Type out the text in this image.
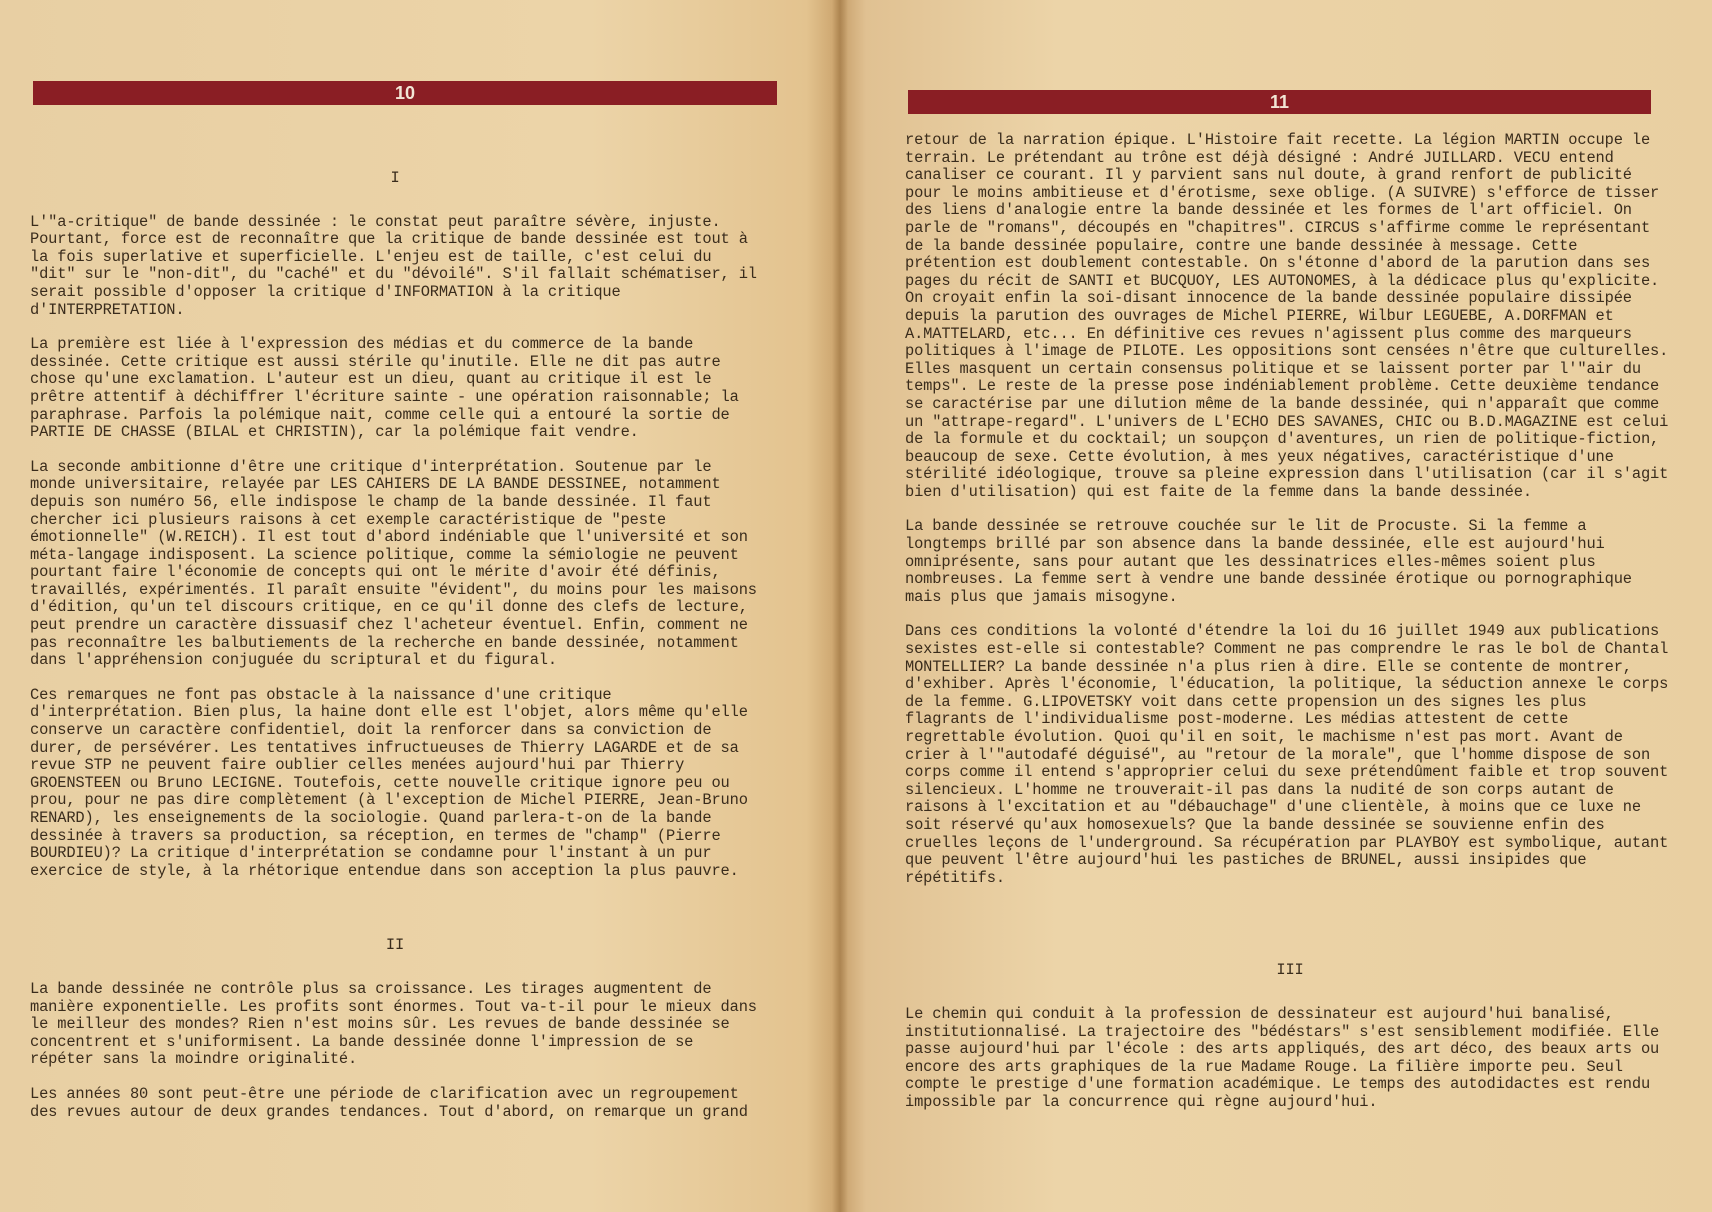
10
I

L'"a-critique" de bande dessinée : le constat peut paraître sévère, injuste. Pourtant, force est de reconnaître que la critique de bande dessinée est tout à la fois superlative et superficielle. L'enjeu est de taille, c'est celui du "dit" sur le "non-dit", du "caché" et du "dévoilé". S'il fallait schématiser, il serait possible d'opposer la critique d'INFORMATION à la critique d'INTERPRETATION.

La première est liée à l'expression des médias et du commerce de la bande dessinée. Cette critique est aussi stérile qu'inutile. Elle ne dit pas autre chose qu'une exclamation. L'auteur est un dieu, quant au critique il est le prêtre attentif à déchiffrer l'écriture sainte - une opération raisonnable; la paraphrase. Parfois la polémique nait, comme celle qui a entouré la sortie de PARTIE DE CHASSE (BILAL et CHRISTIN), car la polémique fait vendre.

La seconde ambitionne d'être une critique d'interprétation. Soutenue par le monde universitaire, relayée par LES CAHIERS DE LA BANDE DESSINEE, notamment depuis son numéro 56, elle indispose le champ de la bande dessinée. Il faut chercher ici plusieurs raisons à cet exemple caractéristique de "peste émotionnelle" (W.REICH). Il est tout d'abord indéniable que l'université et son méta-langage indisposent. La science politique, comme la sémiologie ne peuvent pourtant faire l'économie de concepts qui ont le mérite d'avoir été définis, travaillés, expérimentés. Il paraît ensuite "évident", du moins pour les maisons d'édition, qu'un tel discours critique, en ce qu'il donne des clefs de lecture, peut prendre un caractère dissuasif chez l'acheteur éventuel. Enfin, comment ne pas reconnaître les balbutiements de la recherche en bande dessinée, notamment dans l'appréhension conjuguée du scriptural et du figural.

Ces remarques ne font pas obstacle à la naissance d'une critique d'interprétation. Bien plus, la haine dont elle est l'objet, alors même qu'elle conserve un caractère confidentiel, doit la renforcer dans sa conviction de durer, de persévérer. Les tentatives infructueuses de Thierry LAGARDE et de sa revue STP ne peuvent faire oublier celles menées aujourd'hui par Thierry GROENSTEEN ou Bruno LECIGNE. Toutefois, cette nouvelle critique ignore peu ou prou, pour ne pas dire complètement (à l'exception de Michel PIERRE, Jean-Bruno RENARD), les enseignements de la sociologie. Quand parlera-t-on de la bande dessinée à travers sa production, sa réception, en termes de "champ" (Pierre BOURDIEU)? La critique d'interprétation se condamne pour l'instant à un pur exercice de style, à la rhétorique entendue dans son acception la plus pauvre.

II

La bande dessinée ne contrôle plus sa croissance. Les tirages augmentent de manière exponentielle. Les profits sont énormes. Tout va-t-il pour le mieux dans le meilleur des mondes? Rien n'est moins sûr. Les revues de bande dessinée se concentrent et s'uniformisent. La bande dessinée donne l'impression de se répéter sans la moindre originalité.

Les années 80 sont peut-être une période de clarification avec un regroupement des revues autour de deux grandes tendances. Tout d'abord, on remarque un grand

11

retour de la narration épique. L'Histoire fait recette. La légion MARTIN occupe le terrain. Le prétendant au trône est déjà désigné : André JUILLARD. VECU entend canaliser ce courant. Il y parvient sans nul doute, à grand renfort de publicité pour le moins ambitieuse et d'érotisme, sexe oblige. (A SUIVRE) s'efforce de tisser des liens d'analogie entre la bande dessinée et les formes de l'art officiel. On parle de "romans", découpés en "chapitres". CIRCUS s'affirme comme le représentant de la bande dessinée populaire, contre une bande dessinée à message. Cette prétention est doublement contestable. On s'étonne d'abord de la parution dans ses pages du récit de SANTI et BUCQUOY, LES AUTONOMES, à la dédicace plus qu'explicite. On croyait enfin la soi-disant innocence de la bande dessinée populaire dissipée depuis la parution des ouvrages de Michel PIERRE, Wilbur LEGUEBE, A.DORFMAN et A.MATTELARD, etc... En définitive ces revues n'agissent plus comme des marqueurs politiques à l'image de PILOTE. Les oppositions sont censées n'être que culturelles. Elles masquent un certain consensus politique et se laissent porter par l'"air du temps". Le reste de la presse pose indéniablement problème. Cette deuxième tendance se caractérise par une dilution même de la bande dessinée, qui n'apparaît que comme un "attrape-regard". L'univers de L'ECHO DES SAVANES, CHIC ou B.D.MAGAZINE est celui de la formule et du cocktail; un soupçon d'aventures, un rien de politique-fiction, beaucoup de sexe. Cette évolution, à mes yeux négatives, caractéristique d'une stérilité idéologique, trouve sa pleine expression dans l'utilisation (car il s'agit bien d'utilisation) qui est faite de la femme dans la bande dessinée.

La bande dessinée se retrouve couchée sur le lit de Procuste. Si la femme a longtemps brillé par son absence dans la bande dessinée, elle est aujourd'hui omniprésente, sans pour autant que les dessinatrices elles-mêmes soient plus nombreuses. La femme sert à vendre une bande dessinée érotique ou pornographique mais plus que jamais misogyne.

Dans ces conditions la volonté d'étendre la loi du 16 juillet 1949 aux publications sexistes est-elle si contestable? Comment ne pas comprendre le ras le bol de Chantal MONTELLIER? La bande dessinée n'a plus rien à dire. Elle se contente de montrer, d'exhiber. Après l'économie, l'éducation, la politique, la séduction annexe le corps de la femme. G.LIPOVETSKY voit dans cette propension un des signes les plus flagrants de l'individualisme post-moderne. Les médias attestent de cette regrettable évolution. Quoi qu'il en soit, le machisme n'est pas mort. Avant de crier à l'"autodafé déguisé", au "retour de la morale", que l'homme dispose de son corps comme il entend s'approprier celui du sexe prétendûment faible et trop souvent silencieux. L'homme ne trouverait-il pas dans la nudité de son corps autant de raisons à l'excitation et au "débauchage" d'une clientèle, à moins que ce luxe ne soit réservé qu'aux homosexuels? Que la bande dessinée se souvienne enfin des cruelles leçons de l'underground. Sa récupération par PLAYBOY est symbolique, autant que peuvent l'être aujourd'hui les pastiches de BRUNEL, aussi insipides que répétitifs.

III

Le chemin qui conduit à la profession de dessinateur est aujourd'hui banalisé, institutionnalisé. La trajectoire des "bédéstars" s'est sensiblement modifiée. Elle passe aujourd'hui par l'école : des arts appliqués, des art déco, des beaux arts ou encore des arts graphiques de la rue Madame Rouge. La filière importe peu. Seul compte le prestige d'une formation académique. Le temps des autodidactes est rendu impossible par la concurrence qui règne aujourd'hui.
